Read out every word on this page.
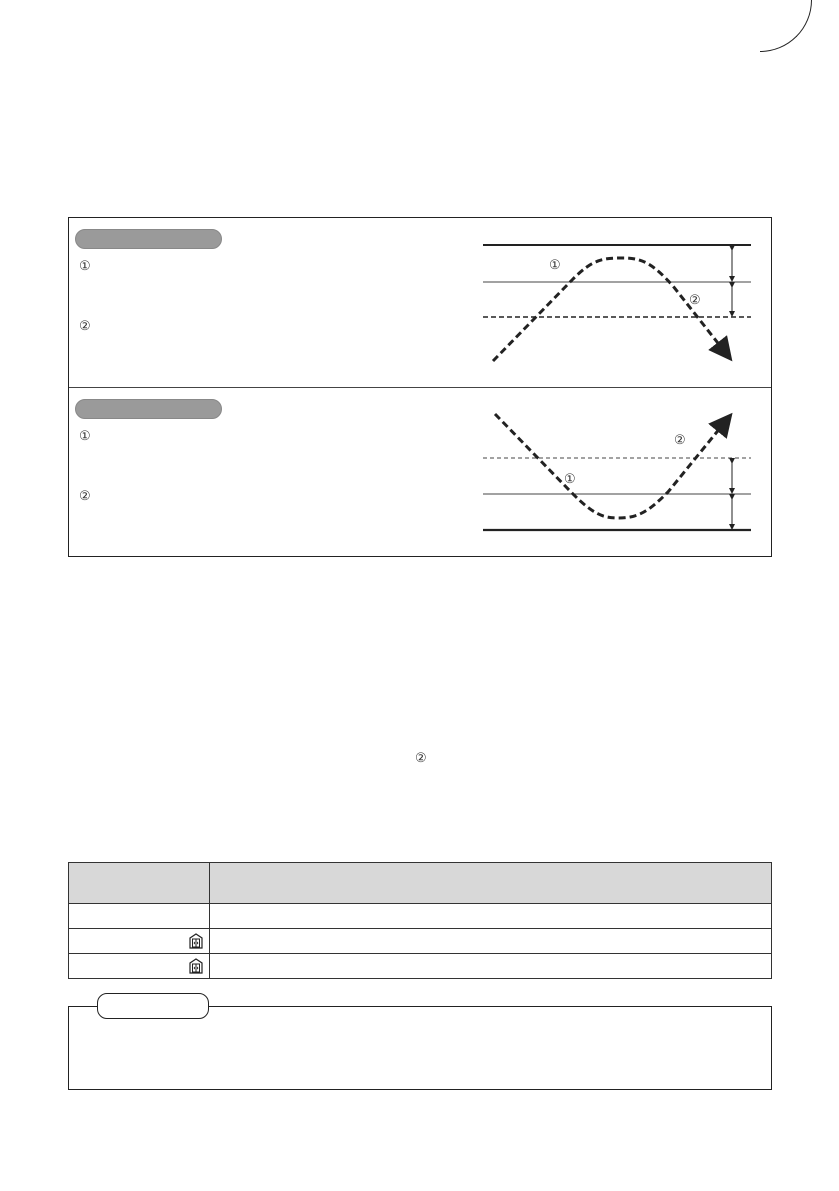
①
②
①
②
①
②
①
②
②
